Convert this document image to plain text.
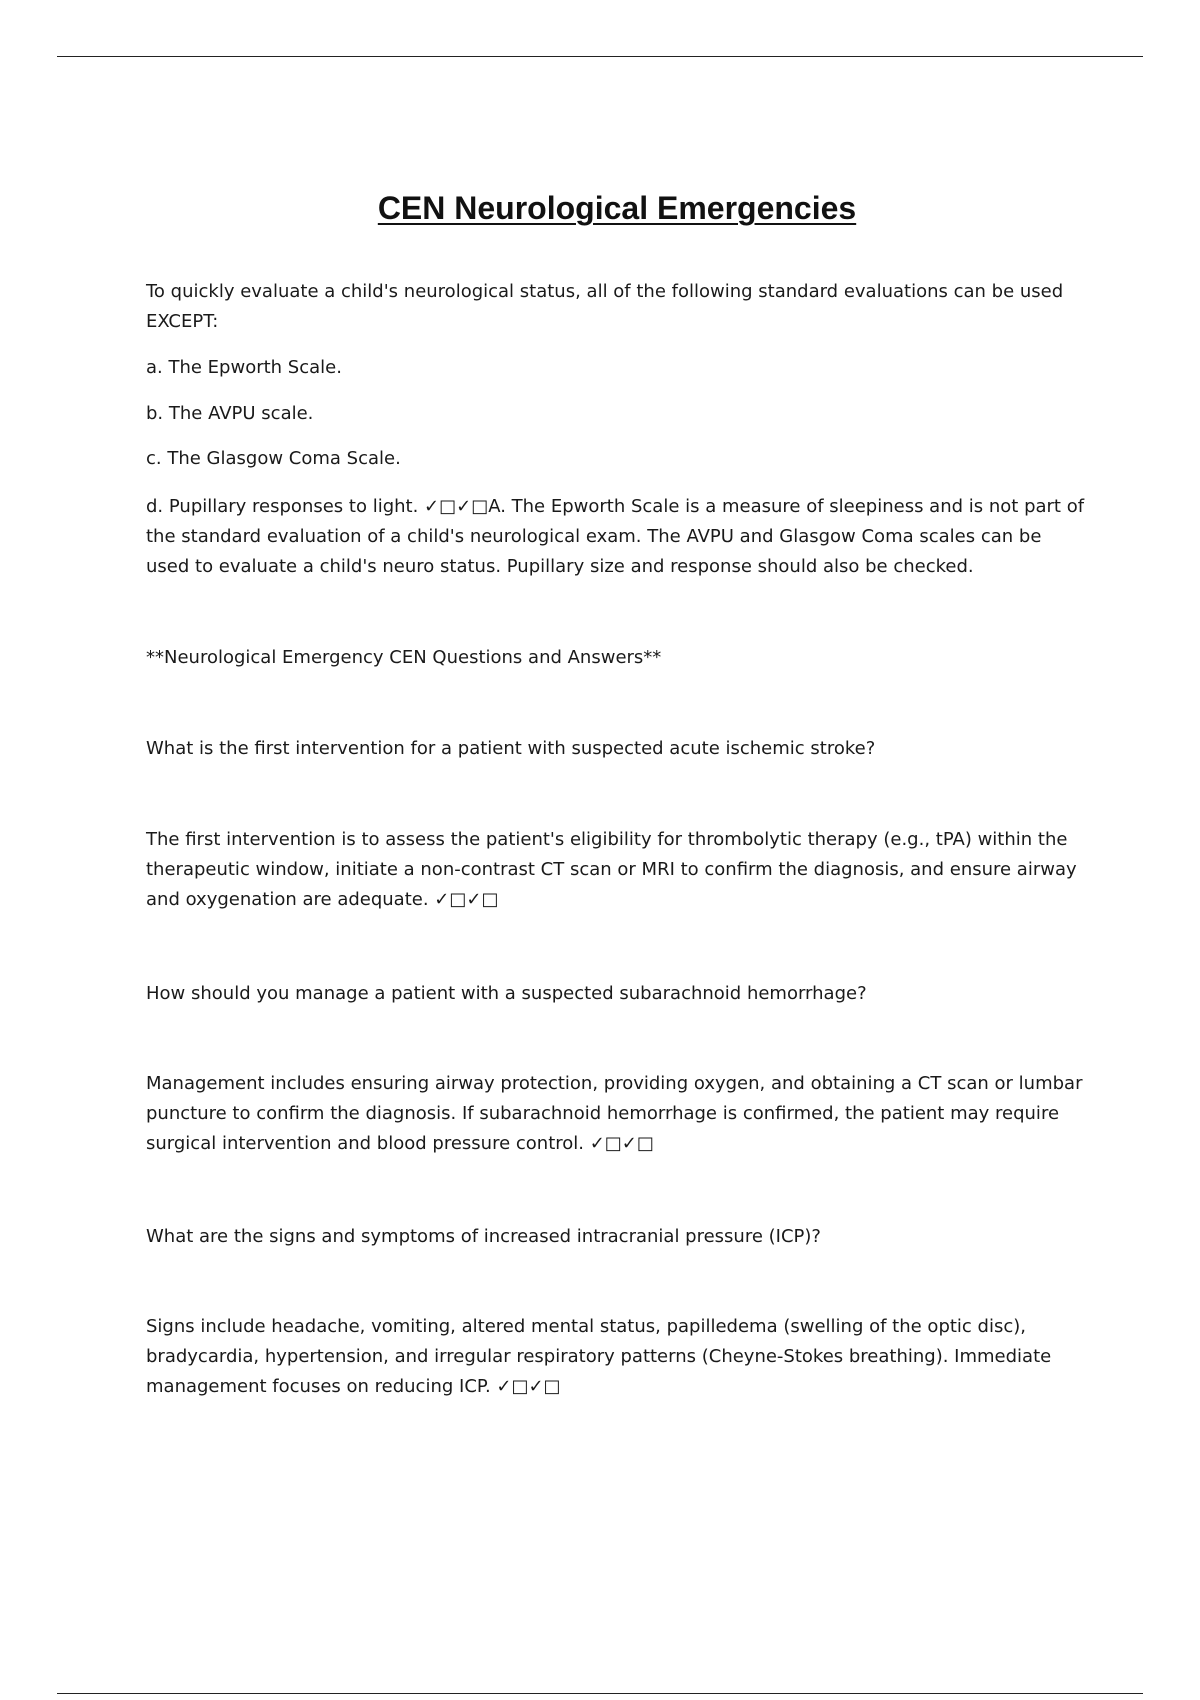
CEN Neurological Emergencies

To quickly evaluate a child's neurological status, all of the following standard evaluations can be used EXCEPT:

a. The Epworth Scale.

b. The AVPU scale.

c. The Glasgow Coma Scale.

d. Pupillary responses to light. ✓□✓□A. The Epworth Scale is a measure of sleepiness and is not part of the standard evaluation of a child's neurological exam. The AVPU and Glasgow Coma scales can be used to evaluate a child's neuro status. Pupillary size and response should also be checked.

**Neurological Emergency CEN Questions and Answers**

What is the first intervention for a patient with suspected acute ischemic stroke?

The first intervention is to assess the patient's eligibility for thrombolytic therapy (e.g., tPA) within the therapeutic window, initiate a non-contrast CT scan or MRI to confirm the diagnosis, and ensure airway and oxygenation are adequate. ✓□✓□

How should you manage a patient with a suspected subarachnoid hemorrhage?

Management includes ensuring airway protection, providing oxygen, and obtaining a CT scan or lumbar puncture to confirm the diagnosis. If subarachnoid hemorrhage is confirmed, the patient may require surgical intervention and blood pressure control. ✓□✓□

What are the signs and symptoms of increased intracranial pressure (ICP)?

Signs include headache, vomiting, altered mental status, papilledema (swelling of the optic disc), bradycardia, hypertension, and irregular respiratory patterns (Cheyne-Stokes breathing). Immediate management focuses on reducing ICP. ✓□✓□
